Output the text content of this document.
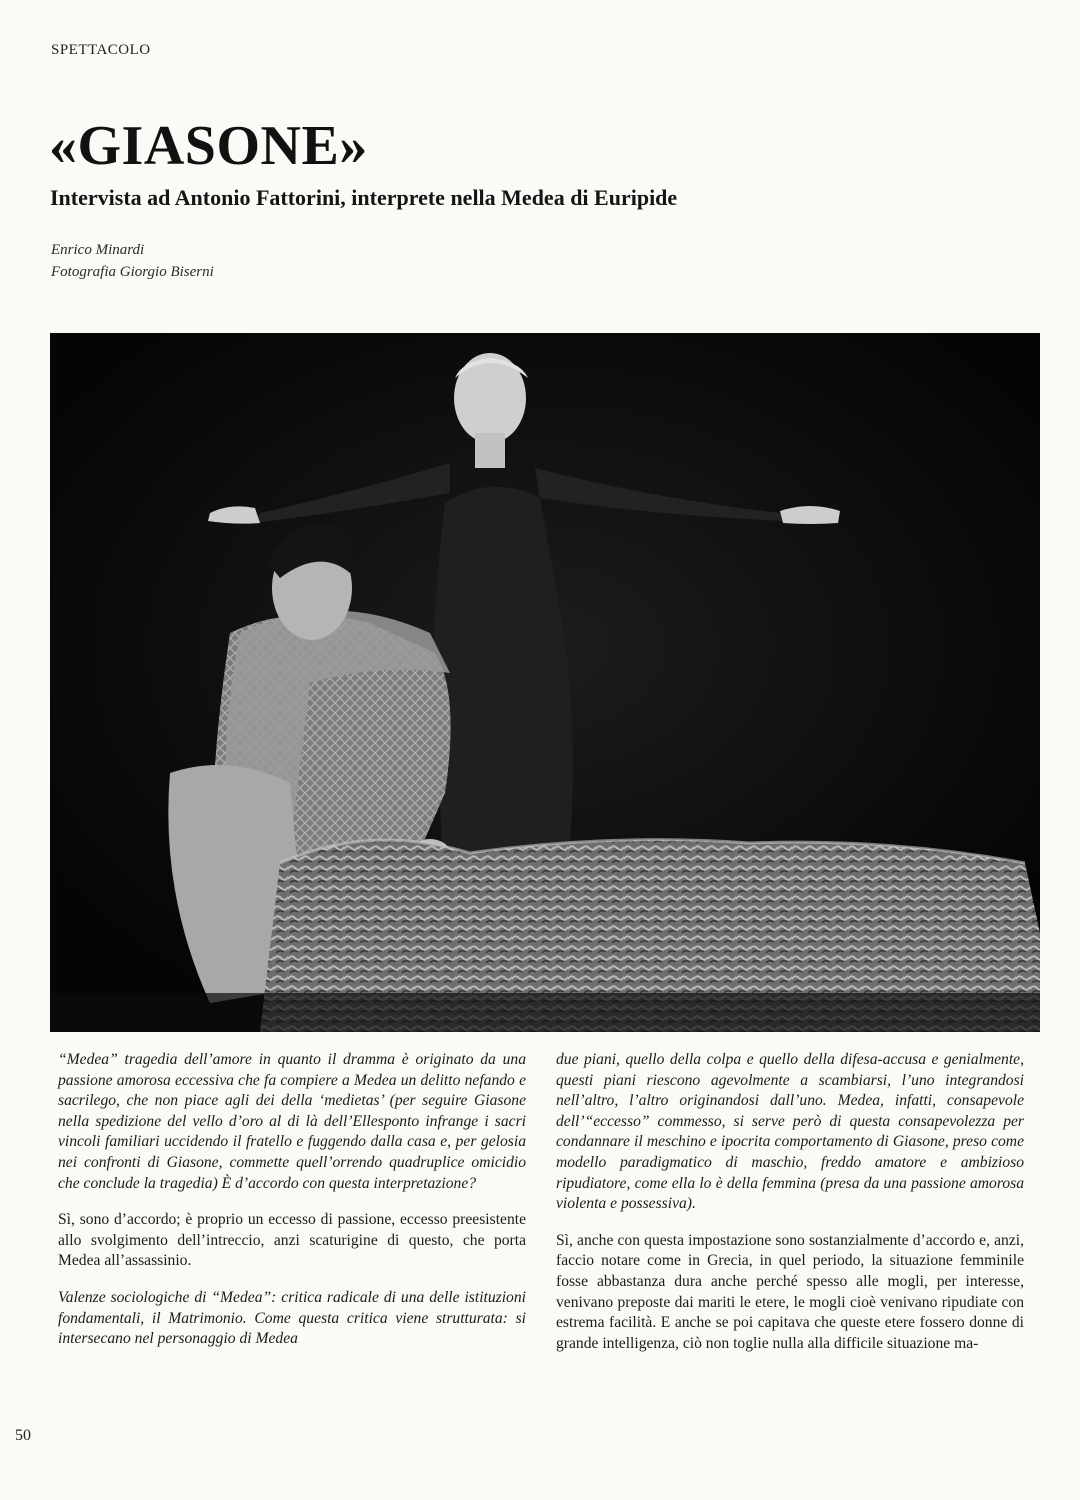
SPETTACOLO
«GIASONE»
Intervista ad Antonio Fattorini, interprete nella Medea di Euripide
Enrico Minardi
Fotografia Giorgio Biserni

“Medea” tragedia dell’amore in quanto il dramma è originato da una passione amorosa eccessiva che fa compiere a Medea un delitto nefando e sacrilego, che non piace agli dei della ‘medietas’ (per seguire Giasone nella spedizione del vello d’oro al di là dell’Ellesponto infrange i sacri vincoli familiari uccidendo il fratello e fuggendo dalla casa e, per gelosia nei confronti di Giasone, commette quell’orrendo quadruplice omicidio che conclude la tragedia) È d’accordo con questa interpretazione?

Sì, sono d’accordo; è proprio un eccesso di passione, eccesso preesistente allo svolgimento dell’intreccio, anzi scaturigine di questo, che porta Medea all’assassinio.

Valenze sociologiche di “Medea”: critica radicale di una delle istituzioni fondamentali, il Matrimonio. Come questa critica viene strutturata: si intersecano nel personaggio di Medea

due piani, quello della colpa e quello della difesa-accusa e genialmente, questi piani riescono agevolmente a scambiarsi, l’uno integrandosi nell’altro, l’altro originandosi dall’uno. Medea, infatti, consapevole dell’“eccesso” commesso, si serve però di questa consapevolezza per condannare il meschino e ipocrita comportamento di Giasone, preso come modello paradigmatico di maschio, freddo amatore e ambizioso ripudiatore, come ella lo è della femmina (presa da una passione amorosa violenta e possessiva).

Sì, anche con questa impostazione sono sostanzialmente d’accordo e, anzi, faccio notare come in Grecia, in quel periodo, la situazione femminile fosse abbastanza dura anche perché spesso alle mogli, per interesse, venivano preposte dai mariti le etere, le mogli cioè venivano ripudiate con estrema facilità. E anche se poi capitava che queste etere fossero donne di grande intelligenza, ciò non toglie nulla alla difficile situazione ma-

50
